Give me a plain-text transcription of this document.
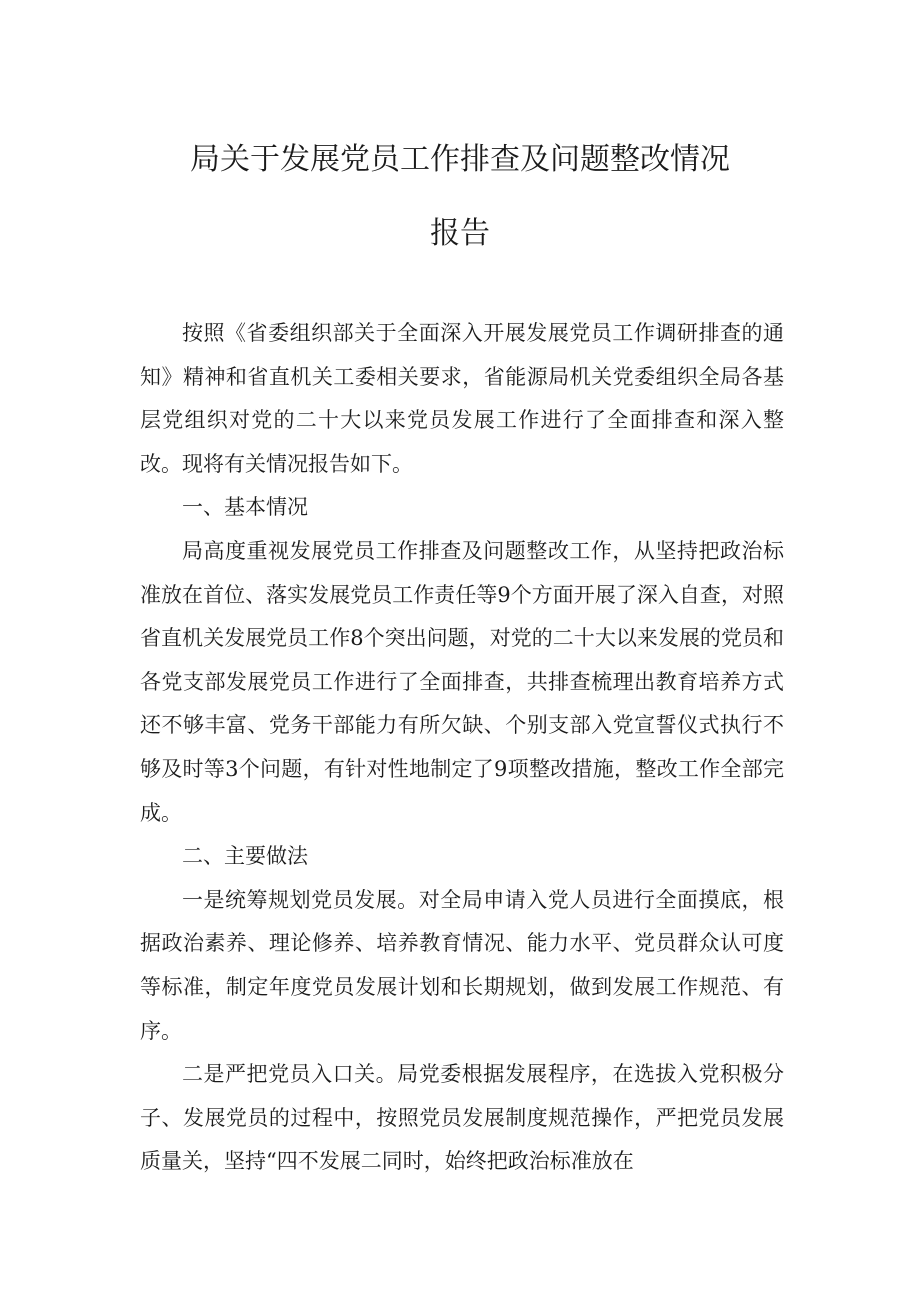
局关于发展党员工作排查及问题整改情况
报告

按照《省委组织部关于全面深入开展发展党员工作调研排查的通知》精神和省直机关工委相关要求，省能源局机关党委组织全局各基层党组织对党的二十大以来党员发展工作进行了全面排查和深入整改。现将有关情况报告如下。

一、基本情况

局高度重视发展党员工作排查及问题整改工作，从坚持把政治标准放在首位、落实发展党员工作责任等9个方面开展了深入自查，对照省直机关发展党员工作8个突出问题，对党的二十大以来发展的党员和各党支部发展党员工作进行了全面排查，共排查梳理出教育培养方式还不够丰富、党务干部能力有所欠缺、个别支部入党宣誓仪式执行不够及时等3个问题，有针对性地制定了9项整改措施，整改工作全部完成。

二、主要做法

一是统筹规划党员发展。对全局申请入党人员进行全面摸底，根据政治素养、理论修养、培养教育情况、能力水平、党员群众认可度等标准，制定年度党员发展计划和长期规划，做到发展工作规范、有序。

二是严把党员入口关。局党委根据发展程序，在选拔入党积极分子、发展党员的过程中，按照党员发展制度规范操作，严把党员发展质量关，坚持“四不发展二同时，始终把政治标准放在
